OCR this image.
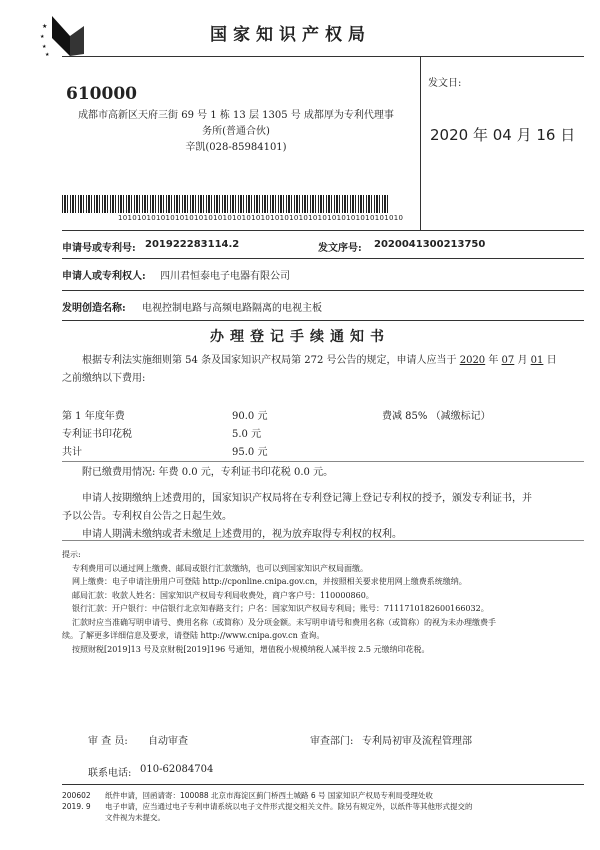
★
★
★
★
国家知识产权局
610000
成都市高新区天府三街 69 号 1 栋 13 层 1305 号 成都厚为专利代理事
务所(普通合伙)
辛凯(028-85984101)
101010101010101010101010101010101010101010101010101010101010
发文日:
2020 年 04 月 16 日
申请号或专利号: 201922283114.2	发文序号: 2020041300213750
申请人或专利权人: 四川君恒泰电子电器有限公司
发明创造名称: 电视控制电路与高频电路隔离的电视主板
办理登记手续通知书
根据专利法实施细则第 54 条及国家知识产权局第 272 号公告的规定，申请人应当于 2020 年 07 月 01 日
之前缴纳以下费用:
第 1 年度年费	90.0 元	费减 85% （减缴标记）
专利证书印花税	5.0 元
共计	95.0 元
附已缴费用情况: 年费 0.0 元，专利证书印花税 0.0 元。
申请人按期缴纳上述费用的，国家知识产权局将在专利登记簿上登记专利权的授予，颁发专利证书，并
予以公告。专利权自公告之日起生效。
申请人期满未缴纳或者未缴足上述费用的，视为放弃取得专利权的权利。

提示:

专利费用可以通过网上缴费、邮局或银行汇款缴纳，也可以到国家知识产权局面缴。

网上缴费：电子申请注册用户可登陆 http://cponline.cnipa.gov.cn，并按照相关要求使用网上缴费系统缴纳。

邮局汇款：收款人姓名：国家知识产权局专利局收费处，商户客户号：110000860。

银行汇款：开户银行：中信银行北京知春路支行；户名：国家知识产权局专利局；账号：7111710182600166032。

汇款时应当准确写明申请号、费用名称（或简称）及分项金额。未写明申请号和费用名称（或简称）的视为未办理缴费手

续。了解更多详细信息及要求，请登陆 http://www.cnipa.gov.cn 查询。

按照财税[2019]13 号及京财税[2019]196 号通知，增值税小规模纳税人减半按 2.5 元缴纳印花税。

审 查 员: 自动审查	审查部门: 专利局初审及流程管理部
联系电话: 010-62084704
200602
2019. 9
纸件申请，回函请寄：100088 北京市海淀区蓟门桥西土城路 6 号 国家知识产权局专利局受理处收
电子申请，应当通过电子专利申请系统以电子文件形式提交相关文件。除另有规定外，以纸件等其他形式提交的
文件视为未提交。
